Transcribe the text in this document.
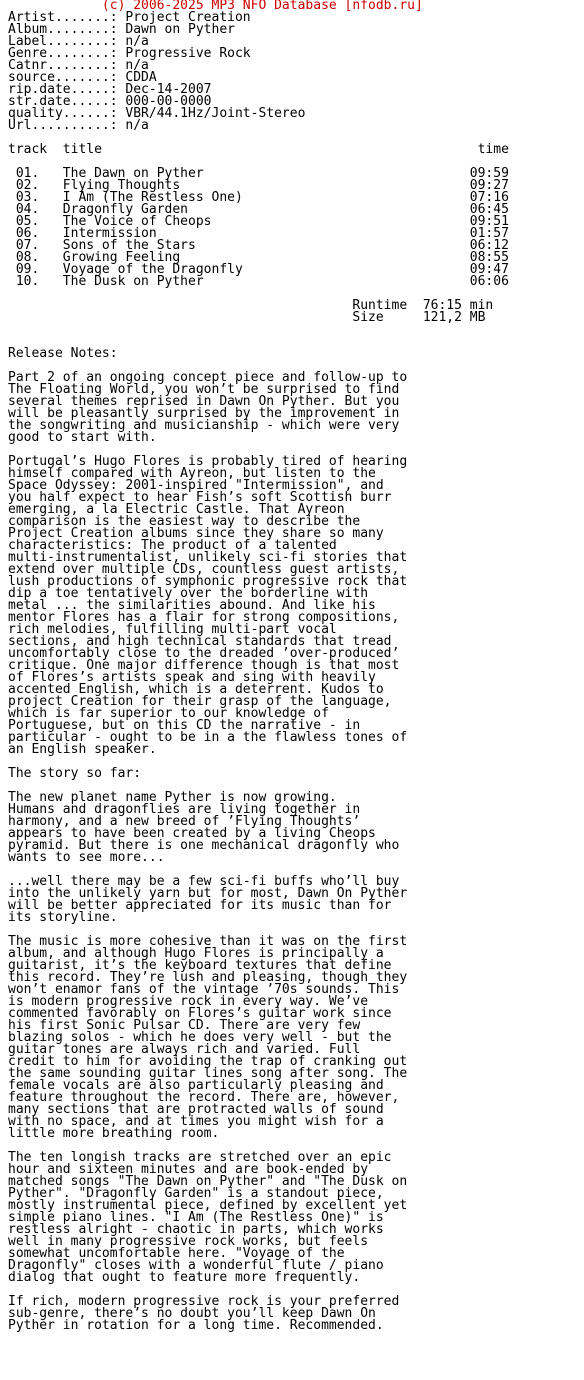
(c) 2006-2025 MP3 NFO Database [nfodb.ru]
Artist.......: Project Creation
Album........: Dawn on Pyther
Label........: n/a
Genre........: Progressive Rock
Catnr........: n/a
source.......: CDDA
rip.date.....: Dec-14-2007
str.date.....: 000-00-0000
quality......: VBR/44.1Hz/Joint-Stereo
Url..........: n/a
track  title                                                time
01.   The Dawn on Pyther                                  09:59
02.   Flying Thoughts                                     09:27
03.   I Am (The Restless One)                             07:16
04.   Dragonfly Garden                                    06:45
05.   The Voice of Cheops                                 09:51
06.   Intermission                                        01:57
07.   Sons of the Stars                                   06:12
08.   Growing Feeling                                     08:55
09.   Voyage of the Dragonfly                             09:47
10.   The Dusk on Pyther                                  06:06
Runtime  76:15 min
Size     121,2 MB
Release Notes:
Part 2 of an ongoing concept piece and follow-up to
The Floating World, you won’t be surprised to find
several themes reprised in Dawn On Pyther. But you
will be pleasantly surprised by the improvement in
the songwriting and musicianship - which were very
good to start with.
Portugal’s Hugo Flores is probably tired of hearing
himself compared with Ayreon, but listen to the
Space Odyssey: 2001-inspired "Intermission", and
you half expect to hear Fish’s soft Scottish burr
emerging, a la Electric Castle. That Ayreon
comparison is the easiest way to describe the
Project Creation albums since they share so many
characteristics: The product of a talented
multi-instrumentalist, unlikely sci-fi stories that
extend over multiple CDs, countless guest artists,
lush productions of symphonic progressive rock that
dip a toe tentatively over the borderline with
metal ... the similarities abound. And like his
mentor Flores has a flair for strong compositions,
rich melodies, fulfilling multi-part vocal
sections, and high technical standards that tread
uncomfortably close to the dreaded ’over-produced’
critique. One major difference though is that most
of Flores’s artists speak and sing with heavily
accented English, which is a deterrent. Kudos to
project Creation for their grasp of the language,
which is far superior to our knowledge of
Portuguese, but on this CD the narrative - in
particular - ought to be in a the flawless tones of
an English speaker.
The story so far:
The new planet name Pyther is now growing.
Humans and dragonflies are living together in
harmony, and a new breed of ’Flying Thoughts’
appears to have been created by a living Cheops
pyramid. But there is one mechanical dragonfly who
wants to see more...
...well there may be a few sci-fi buffs who’ll buy
into the unlikely yarn but for most, Dawn On Pyther
will be better appreciated for its music than for
its storyline.
The music is more cohesive than it was on the first
album, and although Hugo Flores is principally a
guitarist, it’s the keyboard textures that define
this record. They’re lush and pleasing, though they
won’t enamor fans of the vintage ’70s sounds. This
is modern progressive rock in every way. We’ve
commented favorably on Flores’s guitar work since
his first Sonic Pulsar CD. There are very few
blazing solos - which he does very well - but the
guitar tones are always rich and varied. Full
credit to him for avoiding the trap of cranking out
the same sounding guitar lines song after song. The
female vocals are also particularly pleasing and
feature throughout the record. There are, however,
many sections that are protracted walls of sound
with no space, and at times you might wish for a
little more breathing room.
The ten longish tracks are stretched over an epic
hour and sixteen minutes and are book-ended by
matched songs "The Dawn on Pyther" and "The Dusk on
Pyther". "Dragonfly Garden" is a standout piece,
mostly instrumental piece, defined by excellent yet
simple piano lines. "I Am (The Restless One)" is
restless alright - chaotic in parts, which works
well in many progressive rock works, but feels
somewhat uncomfortable here. "Voyage of the
Dragonfly" closes with a wonderful flute / piano
dialog that ought to feature more frequently.
If rich, modern progressive rock is your preferred
sub-genre, there’s no doubt you’ll keep Dawn On
Pyther in rotation for a long time. Recommended.
